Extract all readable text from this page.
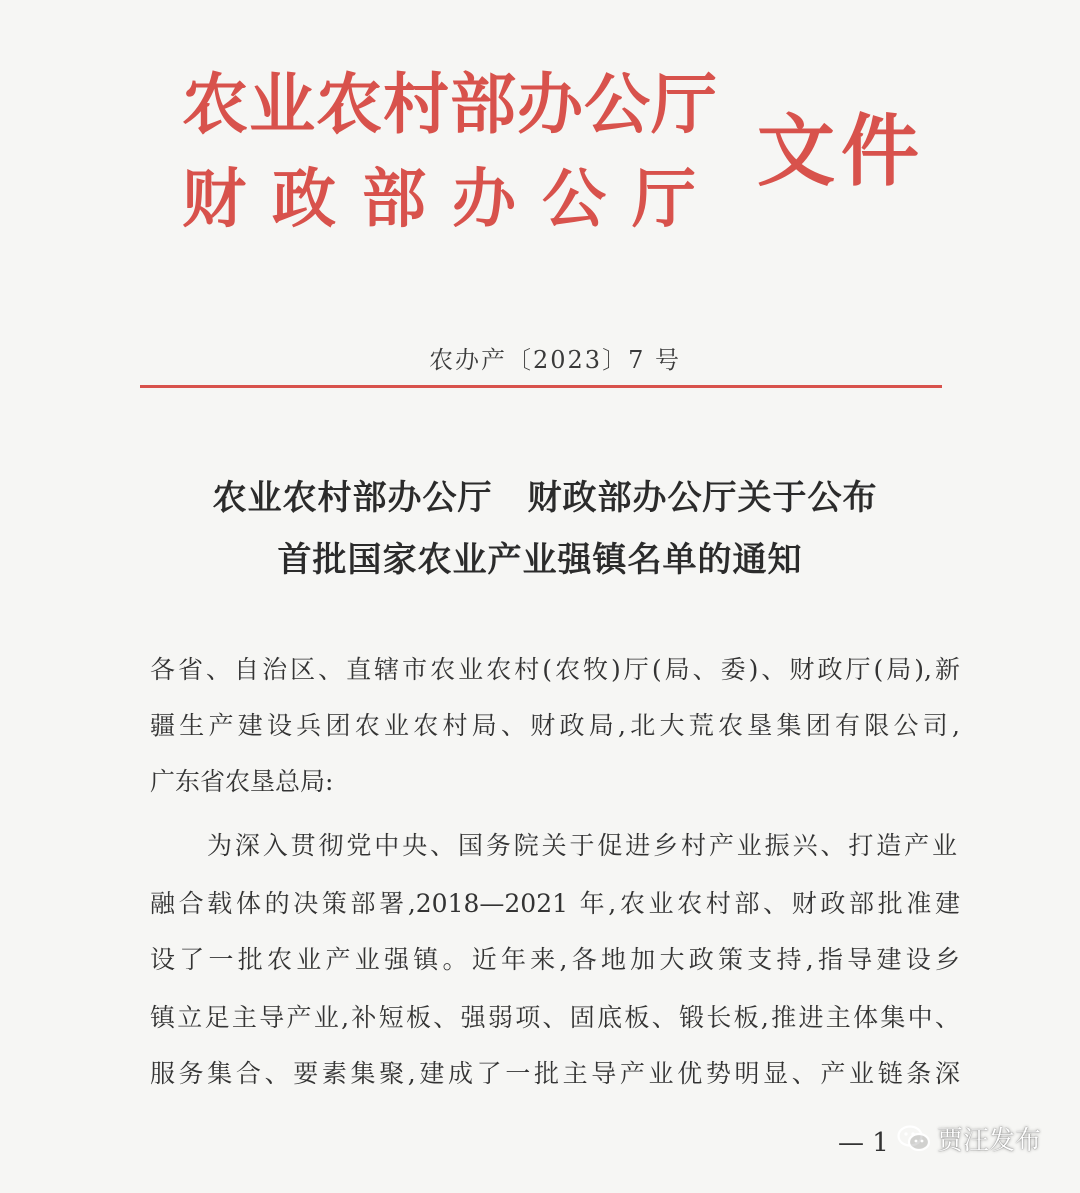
农业农村部办公厅
财政部办公厅
文件
农办产〔2023〕7 号
农业农村部办公厅　财政部办公厅关于公布
首批国家农业产业强镇名单的通知
各省、自治区、直辖市农业农村(农牧)厅(局、委)、财政厅(局),新
疆生产建设兵团农业农村局、财政局,北大荒农垦集团有限公司,
广东省农垦总局:
为深入贯彻党中央、国务院关于促进乡村产业振兴、打造产业
融合载体的决策部署,2018—2021 年,农业农村部、财政部批准建
设了一批农业产业强镇。近年来,各地加大政策支持,指导建设乡
镇立足主导产业,补短板、强弱项、固底板、锻长板,推进主体集中、
服务集合、要素集聚,建成了一批主导产业优势明显、产业链条深
— 1 贾汪发布
